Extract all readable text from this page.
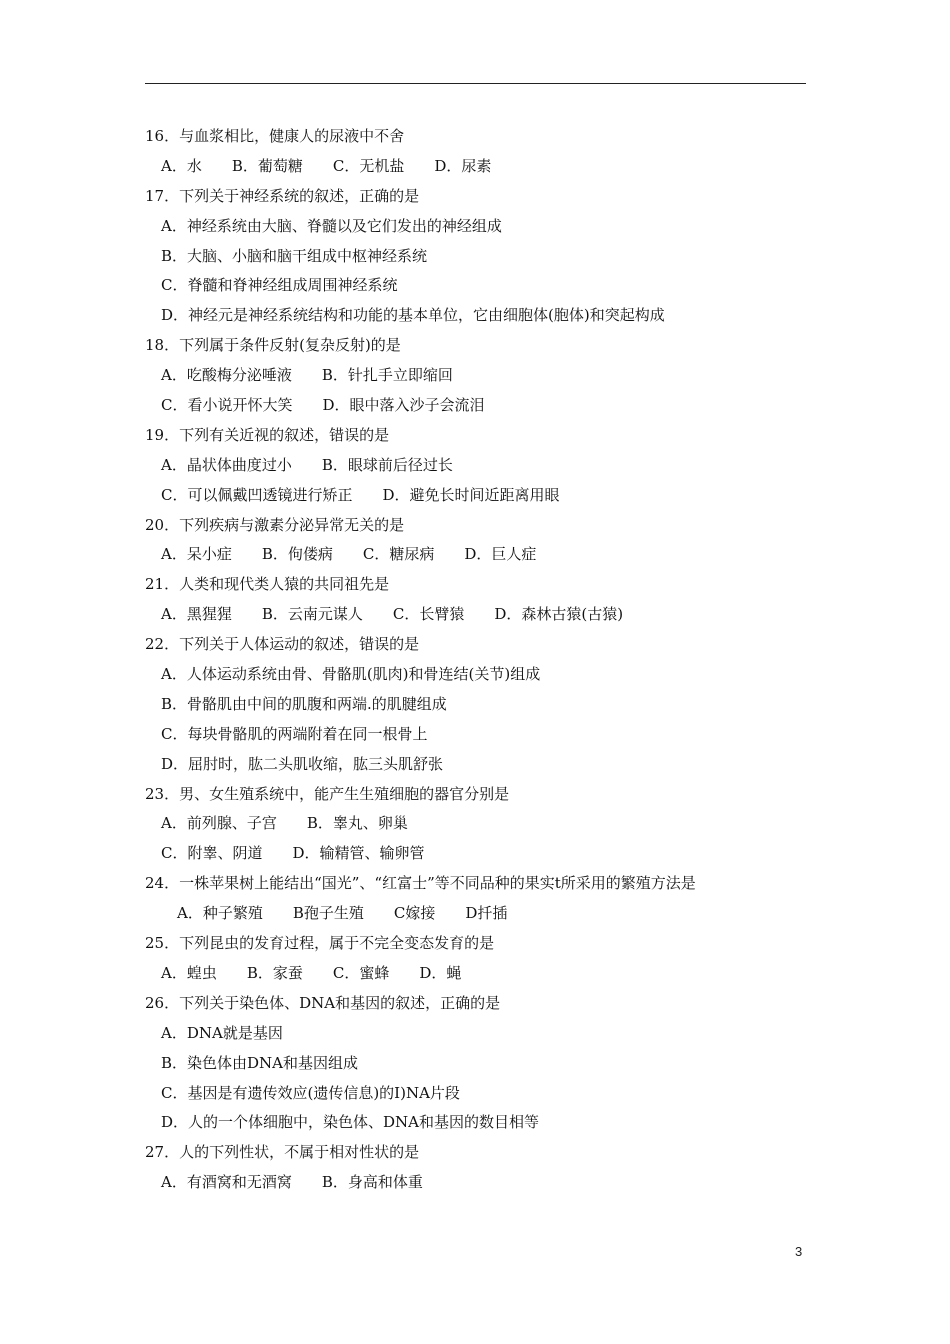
16．与血浆相比，健康人的尿液中不舍
A．水 B．葡萄糖 C．无机盐 D．尿素
17．下列关于神经系统的叙述，正确的是
A．神经系统由大脑、脊髓以及它们发出的神经组成
B．大脑、小脑和脑干组成中枢神经系统
C．脊髓和脊神经组成周围神经系统
D．神经元是神经系统结构和功能的基本单位，它由细胞体(胞体)和突起构成
18．下列属于条件反射(复杂反射)的是
A．吃酸梅分泌唾液 B．针扎手立即缩回
C．看小说开怀大笑 D．眼中落入沙子会流泪
19．下列有关近视的叙述，错误的是
A．晶状体曲度过小 B．眼球前后径过长
C．可以佩戴凹透镜进行矫正 D．避免长时间近距离用眼
20．下列疾病与激素分泌异常无关的是
A．呆小症 B．佝偻病 C．糖尿病 D．巨人症
21．人类和现代类人猿的共同祖先是
A．黑猩猩 B．云南元谋人 C．长臂猿 D．森林古猿(古猿)
22．下列关于人体运动的叙述，错误的是
A．人体运动系统由骨、骨骼肌(肌肉)和骨连结(关节)组成
B．骨骼肌由中间的肌腹和两端.的肌腱组成
C．每块骨骼肌的两端附着在同一根骨上
D．屈肘时，肱二头肌收缩，肱三头肌舒张
23．男、女生殖系统中，能产生生殖细胞的器官分别是
A．前列腺、子宫 B．睾丸、卵巢
C．附睾、阴道 D．输精管、输卵管
24．一株苹果树上能结出“国光”、“红富士”等不同品种的果实t所采用的繁殖方法是
A．种子繁殖 B孢子生殖 C嫁接 D扦插
25．下列昆虫的发育过程，属于不完全变态发育的是
A．蝗虫 B．家蚕 C．蜜蜂 D．蝇
26．下列关于染色体、DNA和基因的叙述，正确的是
A．DNA就是基因
B．染色体由DNA和基因组成
C．基因是有遗传效应(遗传信息)的I)NA片段
D．人的一个体细胞中，染色体、DNA和基因的数目相等
27．人的下列性状，不属于相对性状的是
A．有酒窝和无酒窝 B．身高和体重
3
